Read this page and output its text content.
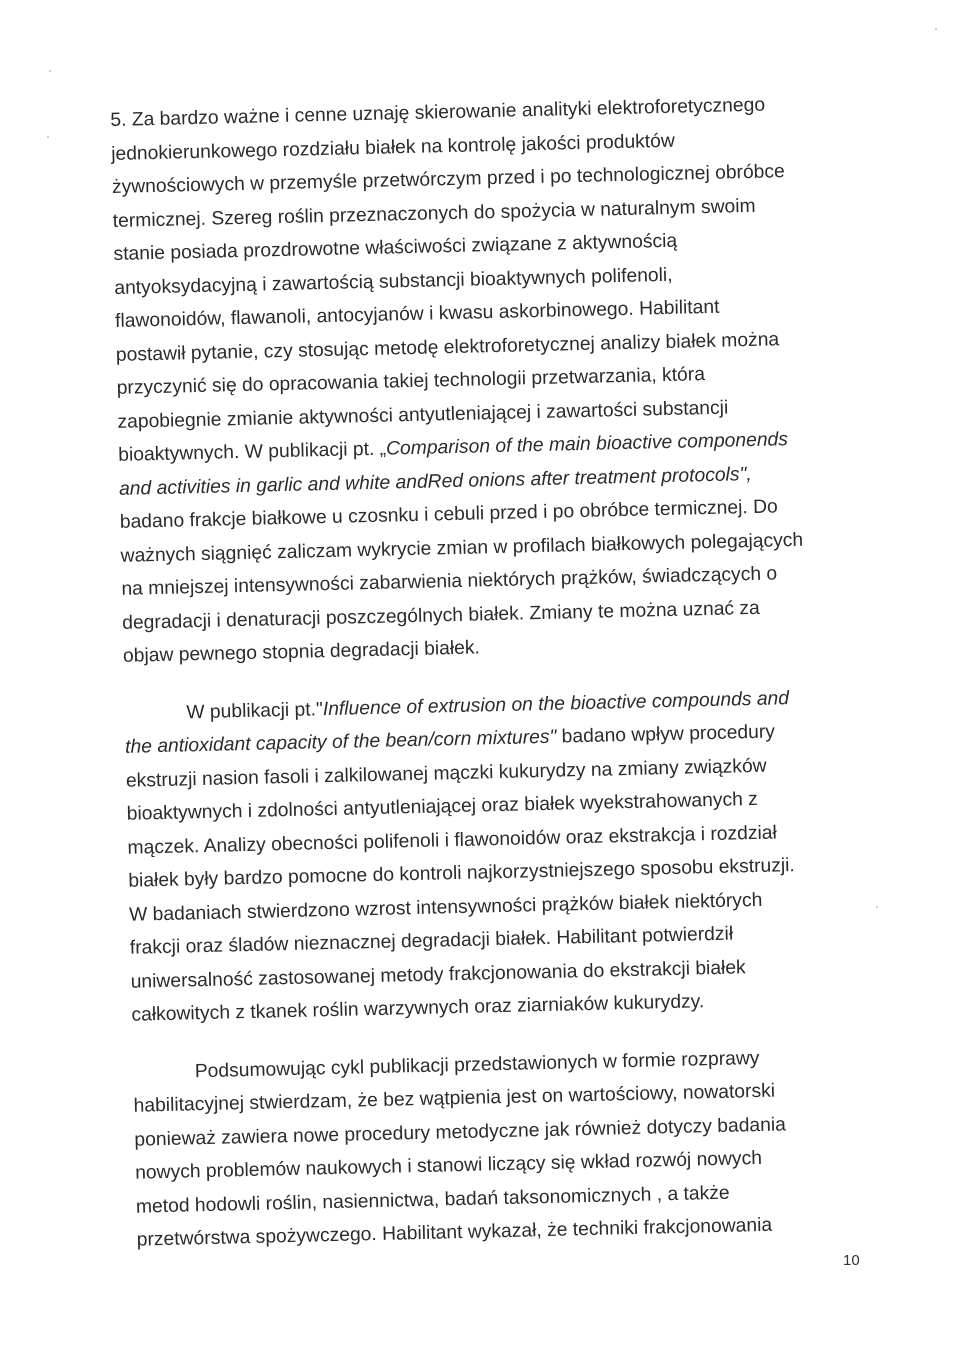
5. Za bardzo ważne i cenne uznaję skierowanie analityki elektroforetycznego
jednokierunkowego rozdziału białek na kontrolę jakości produktów
żywnościowych w przemyśle przetwórczym przed i po technologicznej obróbce
termicznej. Szereg roślin przeznaczonych do spożycia w naturalnym swoim
stanie posiada prozdrowotne właściwości związane z aktywnością
antyoksydacyjną i zawartością substancji bioaktywnych polifenoli,
flawonoidów, flawanoli, antocyjanów i kwasu askorbinowego. Habilitant
postawił pytanie, czy stosując metodę elektroforetycznej analizy białek można
przyczynić się do opracowania takiej technologii przetwarzania, która
zapobiegnie zmianie aktywności antyutleniającej i zawartości substancji
bioaktywnych. W publikacji pt. „Comparison of the main bioactive componends
and activities in garlic and white andRed onions after treatment protocols",
badano frakcje białkowe u czosnku i cebuli przed i po obróbce termicznej. Do
ważnych siągnięć zaliczam wykrycie zmian w profilach białkowych polegających
na mniejszej intensywności zabarwienia niektórych prążków, świadczących o
degradacji i denaturacji poszczególnych białek. Zmiany te można uznać za
objaw pewnego stopnia degradacji białek.
W publikacji pt."Influence of extrusion on the bioactive compounds and
the antioxidant capacity of the bean/corn mixtures" badano wpływ procedury
ekstruzji nasion fasoli i zalkilowanej mączki kukurydzy na zmiany związków
bioaktywnych i zdolności antyutleniającej oraz białek wyekstrahowanych z
mączek. Analizy obecności polifenoli i flawonoidów oraz ekstrakcja i rozdział
białek były bardzo pomocne do kontroli najkorzystniejszego sposobu ekstruzji.
W badaniach stwierdzono wzrost intensywności prążków białek niektórych
frakcji oraz śladów nieznacznej degradacji białek. Habilitant potwierdził
uniwersalność zastosowanej metody frakcjonowania do ekstrakcji białek
całkowitych z tkanek roślin warzywnych oraz ziarniaków kukurydzy.
Podsumowując cykl publikacji przedstawionych w formie rozprawy
habilitacyjnej stwierdzam, że bez wątpienia jest on wartościowy, nowatorski
ponieważ zawiera nowe procedury metodyczne jak również dotyczy badania
nowych problemów naukowych i stanowi liczący się wkład rozwój nowych
metod hodowli roślin, nasiennictwa, badań taksonomicznych , a także
przetwórstwa spożywczego. Habilitant wykazał, że techniki frakcjonowania
10
